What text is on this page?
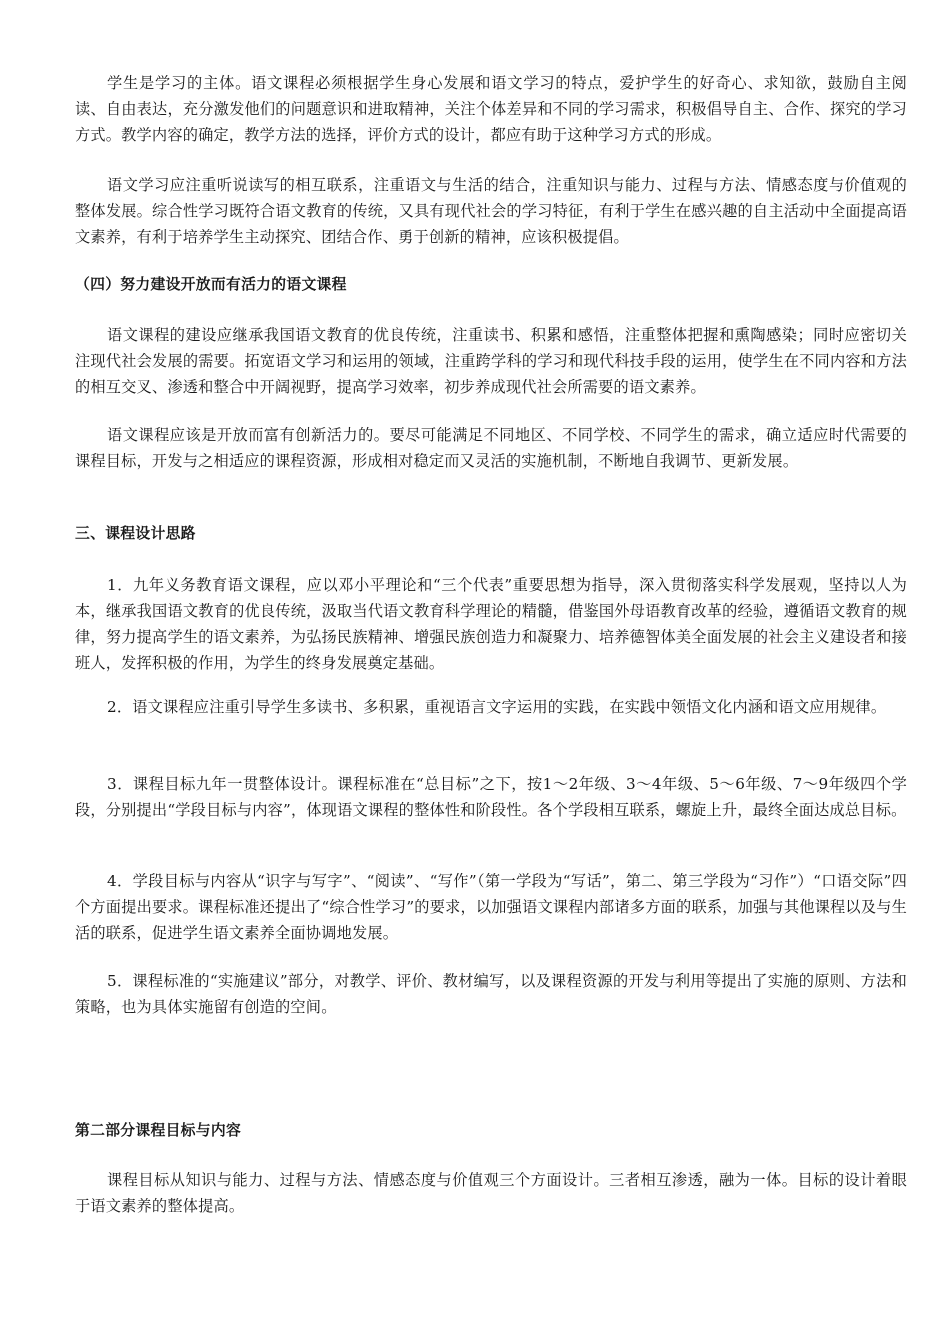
学生是学习的主体。语文课程必须根据学生身心发展和语文学习的特点，爱护学生的好奇心、求知欲，鼓励自主阅读、自由表达，充分激发他们的问题意识和进取精神，关注个体差异和不同的学习需求，积极倡导自主、合作、探究的学习方式。教学内容的确定，教学方法的选择，评价方式的设计，都应有助于这种学习方式的形成。

语文学习应注重听说读写的相互联系，注重语文与生活的结合，注重知识与能力、过程与方法、情感态度与价值观的整体发展。综合性学习既符合语文教育的传统，又具有现代社会的学习特征，有利于学生在感兴趣的自主活动中全面提高语文素养，有利于培养学生主动探究、团结合作、勇于创新的精神，应该积极提倡。

（四）努力建设开放而有活力的语文课程

语文课程的建设应继承我国语文教育的优良传统，注重读书、积累和感悟，注重整体把握和熏陶感染；同时应密切关注现代社会发展的需要。拓宽语文学习和运用的领域，注重跨学科的学习和现代科技手段的运用，使学生在不同内容和方法的相互交叉、渗透和整合中开阔视野，提高学习效率，初步养成现代社会所需要的语文素养。

语文课程应该是开放而富有创新活力的。要尽可能满足不同地区、不同学校、不同学生的需求，确立适应时代需要的课程目标，开发与之相适应的课程资源，形成相对稳定而又灵活的实施机制，不断地自我调节、更新发展。

三、课程设计思路

1．九年义务教育语文课程，应以邓小平理论和“三个代表”重要思想为指导，深入贯彻落实科学发展观，坚持以人为本，继承我国语文教育的优良传统，汲取当代语文教育科学理论的精髓，借鉴国外母语教育改革的经验，遵循语文教育的规律，努力提高学生的语文素养，为弘扬民族精神、增强民族创造力和凝聚力、培养德智体美全面发展的社会主义建设者和接班人，发挥积极的作用，为学生的终身发展奠定基础。

2．语文课程应注重引导学生多读书、多积累，重视语言文字运用的实践，在实践中领悟文化内涵和语文应用规律。

3．课程目标九年一贯整体设计。课程标准在“总目标”之下，按1～2年级、3～4年级、5～6年级、7～9年级四个学段，分别提出“学段目标与内容”，体现语文课程的整体性和阶段性。各个学段相互联系，螺旋上升，最终全面达成总目标。

4．学段目标与内容从“识字与写字”、“阅读”、“写作”（第一学段为“写话”，第二、第三学段为“习作”）“口语交际”四个方面提出要求。课程标准还提出了“综合性学习”的要求，以加强语文课程内部诸多方面的联系，加强与其他课程以及与生活的联系，促进学生语文素养全面协调地发展。

5．课程标准的“实施建议”部分，对教学、评价、教材编写，以及课程资源的开发与利用等提出了实施的原则、方法和策略，也为具体实施留有创造的空间。

第二部分课程目标与内容

课程目标从知识与能力、过程与方法、情感态度与价值观三个方面设计。三者相互渗透，融为一体。目标的设计着眼于语文素养的整体提高。
